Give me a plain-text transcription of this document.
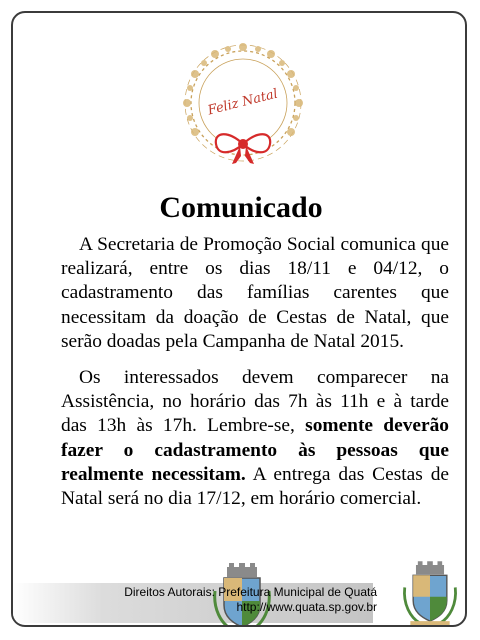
Feliz Natal
Comunicado

A Secretaria de Promoção Social comunica que realizará, entre os dias 18/11 e 04/12, o cadastramento das famílias carentes que necessitam da doação de Cestas de Natal, que serão doadas pela Campanha de Natal 2015.

Os interessados devem comparecer na Assistência, no horário das 7h às 11h e à tarde das 13h às 17h. Lembre-se, somente deverão fazer o cadastramento às pessoas que realmente necessitam. A entrega das Cestas de Natal será no dia 17/12, em horário comercial.

Direitos Autorais: Prefeitura Municipal de Quatá
http://www.quata.sp.gov.br
